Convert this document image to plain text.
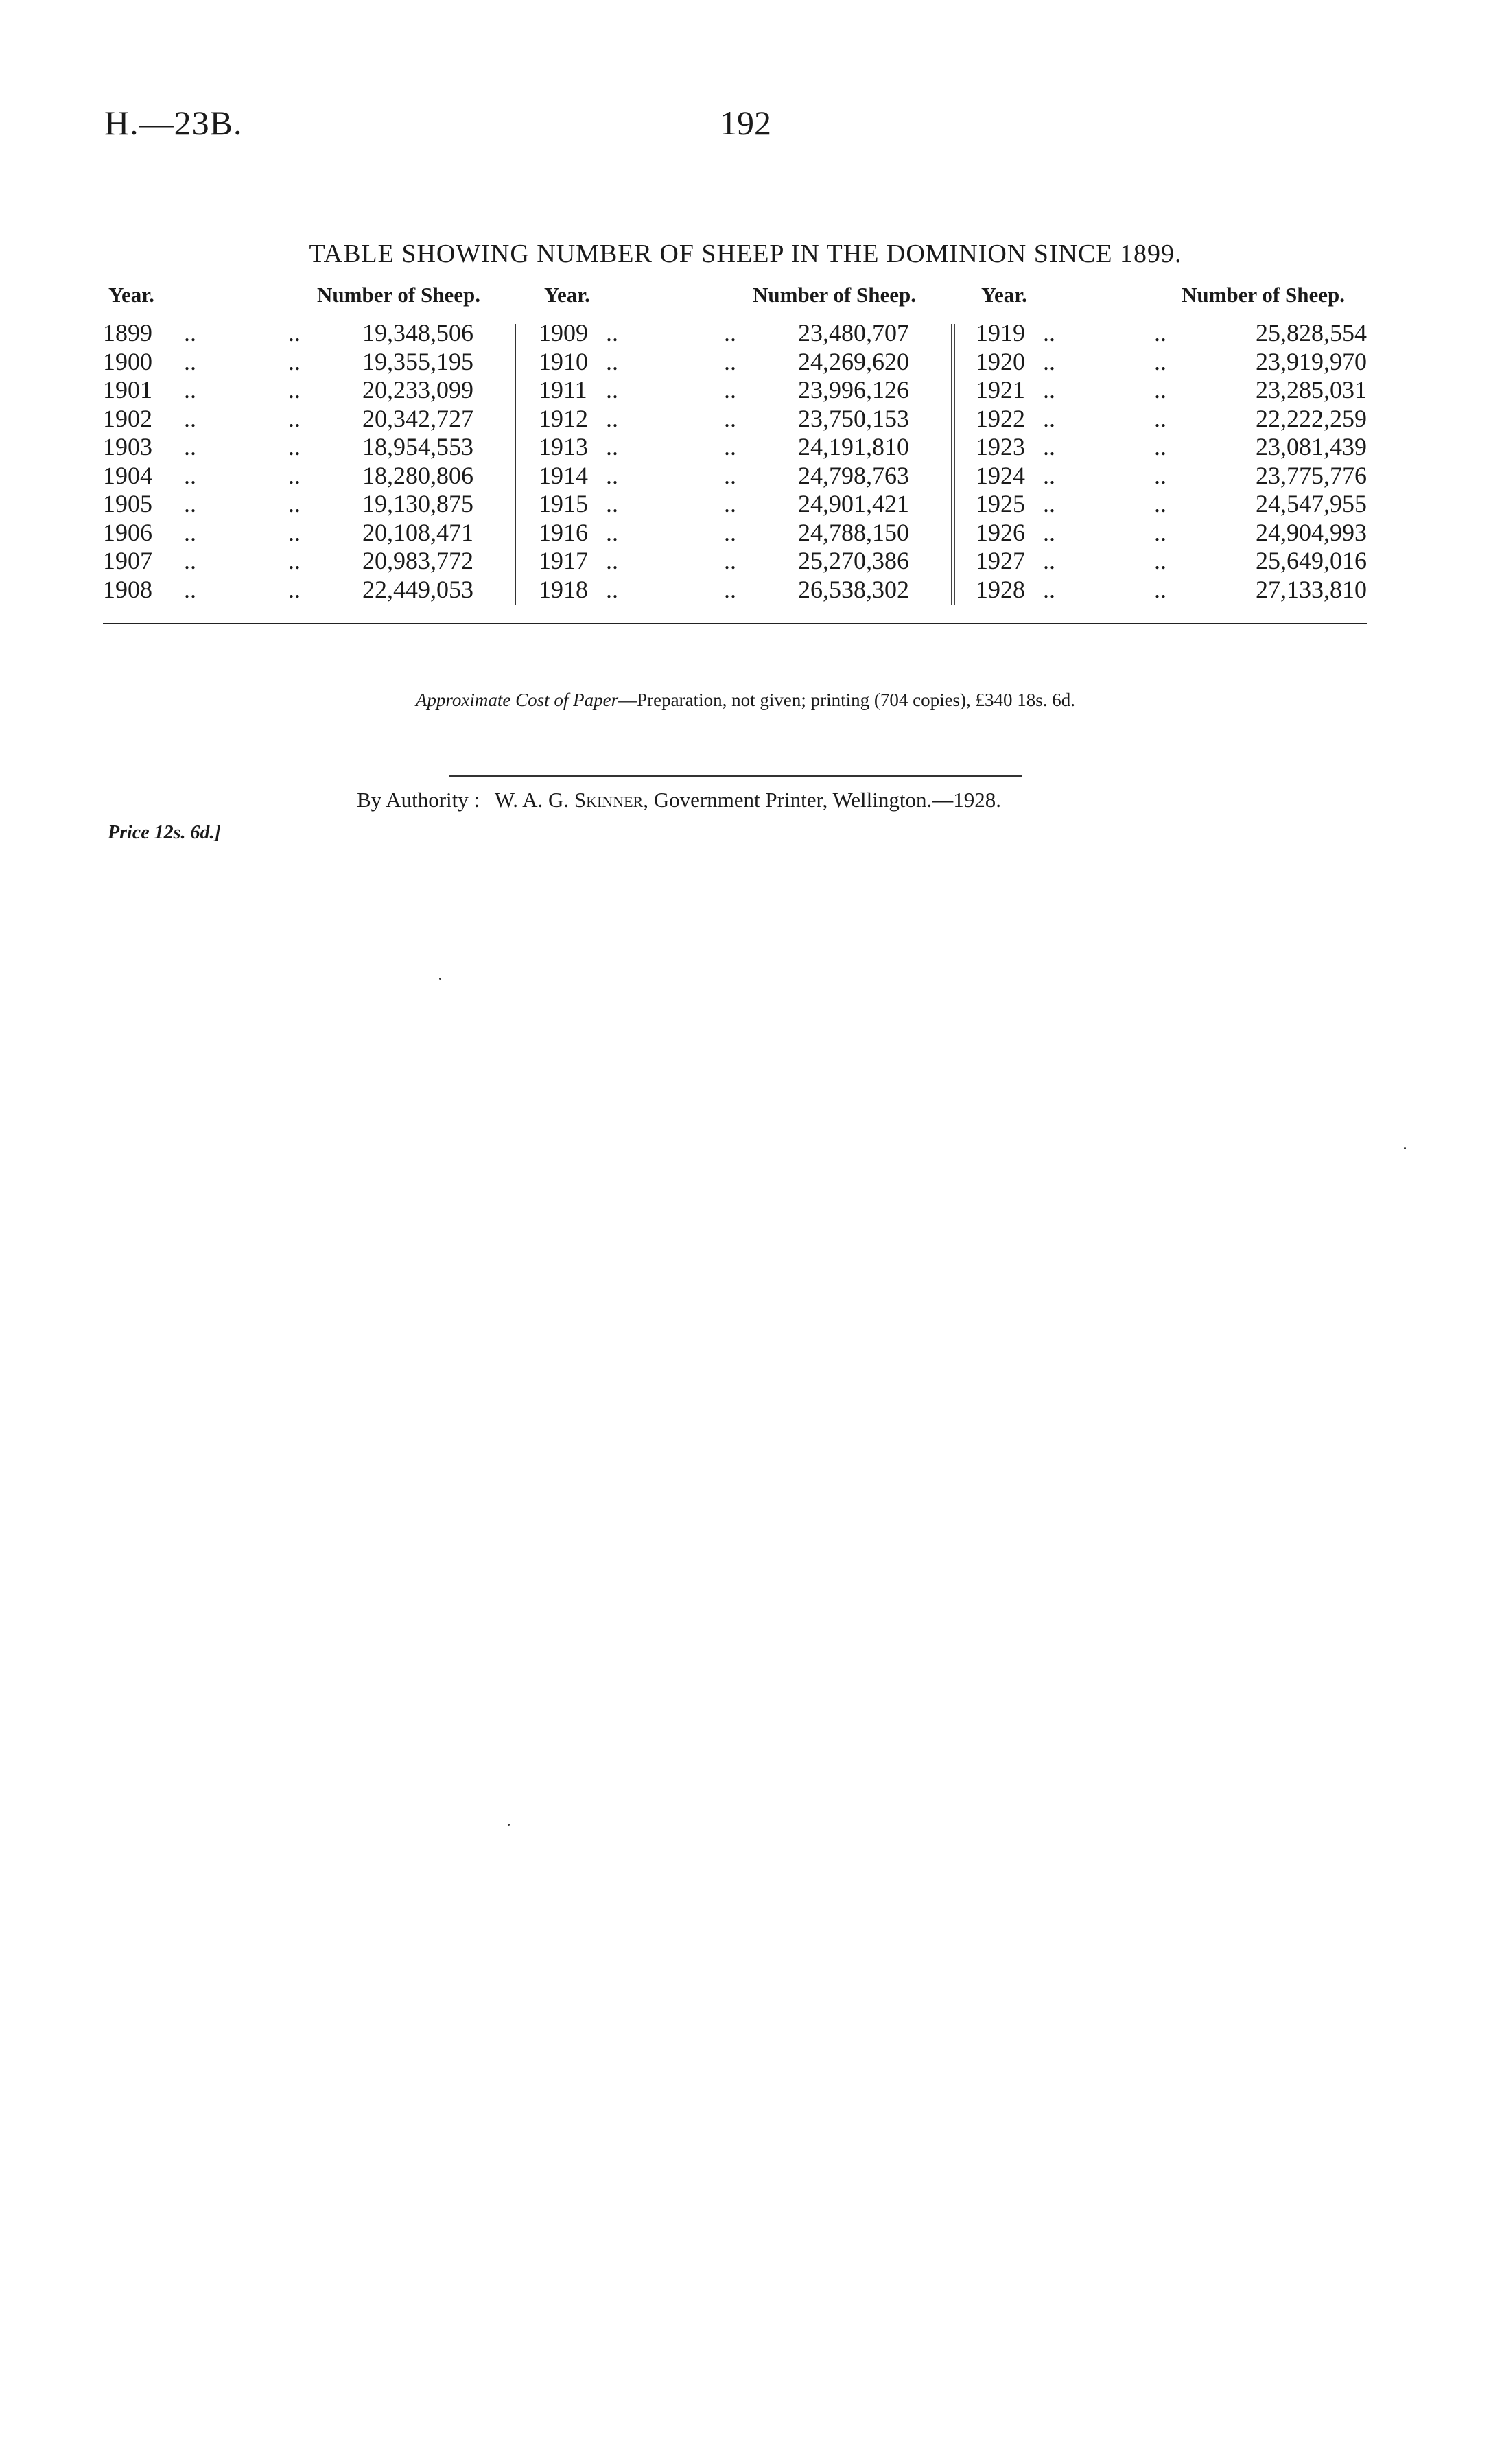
H.—23B.	192
TABLE SHOWING NUMBER OF SHEEP IN THE DOMINION SINCE 1899.
Year.	Number of Sheep.
1899 ..	..	19,348,506
1900 ..	..	19,355,195
1901 ..	..	20,233,099
1902 ..	..	20,342,727
1903 ..	..	18,954,553
1904 ..	..	18,280,806
1905 ..	..	19,130,875
1906 ..	..	20,108,471
1907 ..	..	20,983,772
1908 ..	..	22,449,053
Year.	Number of Sheep.
1909 ..	..	23,480,707
1910 ..	..	24,269,620
1911 ..	..	23,996,126
1912 ..	..	23,750,153
1913 ..	..	24,191,810
1914 ..	..	24,798,763
1915 ..	..	24,901,421
1916 ..	..	24,788,150
1917 ..	..	25,270,386
1918 ..	..	26,538,302
Year.	Number of Sheep.
1919 ..	..	25,828,554
1920 ..	..	23,919,970
1921 ..	..	23,285,031
1922 ..	..	22,222,259
1923 ..	..	23,081,439
1924 ..	..	23,775,776
1925 ..	..	24,547,955
1926 ..	..	24,904,993
1927 ..	..	25,649,016
1928 ..	..	27,133,810
Approximate Cost of Paper—Preparation, not given; printing (704 copies), £340 18s. 6d.
By Authority : W. A. G. Skinner, Government Printer, Wellington.—1928.
Price 12s. 6d.]
